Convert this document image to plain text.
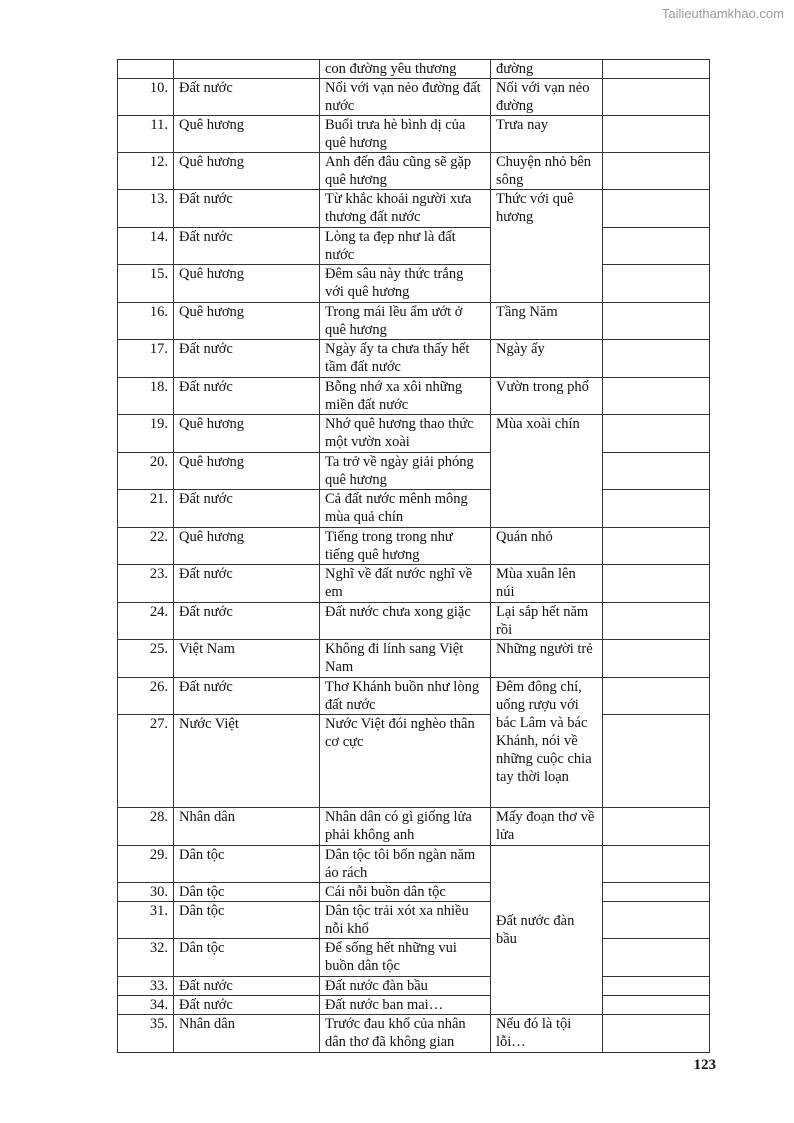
Tailieuthamkhao.com
		con đường yêu thương	đường	
10.	Đất nước	Nối với vạn nẻo đường đất nước	Nối với vạn nẻo đường	
11.	Quê hương	Buổi trưa hè bình dị của quê hương	Trưa nay	
12.	Quê hương	Anh đến đâu cũng sẽ gặp quê hương	Chuyện nhỏ bên sông	
13.	Đất nước	Từ khắc khoải người xưa thương đất nước	Thức với quê hương	
14.	Đất nước	Lòng ta đẹp như là đất nước		
15.	Quê hương	Đêm sâu này thức trắng với quê hương		
16.	Quê hương	Trong mái lều ẩm ướt ở quê hương	Tầng Năm	
17.	Đất nước	Ngày ấy ta chưa thấy hết tầm đất nước	Ngày ấy	
18.	Đất nước	Bỗng nhớ xa xôi những miền đất nước	Vườn trong phố	
19.	Quê hương	Nhớ quê hương thao thức một vườn xoài	Mùa xoài chín	
20.	Quê hương	Ta trở về ngày giải phóng quê hương		
21.	Đất nước	Cả đất nước mênh mông mùa quả chín		
22.	Quê hương	Tiếng trong trong như tiếng quê hương	Quán nhỏ	
23.	Đất nước	Nghĩ về đất nước nghĩ về em	Mùa xuân lên núi	
24.	Đất nước	Đất nước chưa xong giặc	Lại sắp hết năm rồi	
25.	Việt Nam	Không đi lính sang Việt Nam	Những người trẻ	
26.	Đất nước	Thơ Khánh buồn như lòng đất nước	Đêm đông chí, uống rượu với bác Lâm và bác Khánh, nói về những cuộc chia tay thời loạn	
27.	Nước Việt	Nước Việt đói nghèo thân cơ cực		
28.	Nhân dân	Nhân dân có gì giống lửa phải không anh	Mấy đoạn thơ về lửa	
29.	Dân tộc	Dân tộc tôi bốn ngàn năm áo rách	Đất nước đàn bầu	
30.	Dân tộc	Cái nỗi buồn dân tộc		
31.	Dân tộc	Dân tộc trải xót xa nhiều nỗi khổ		
32.	Dân tộc	Để sống hết những vui buồn dân tộc		
33.	Đất nước	Đất nước đàn bầu		
34.	Đất nước	Đất nước ban mai…		
35.	Nhân dân	Trước đau khổ của nhân dân thơ đã không gian	Nếu đó là tội lỗi…	
123
